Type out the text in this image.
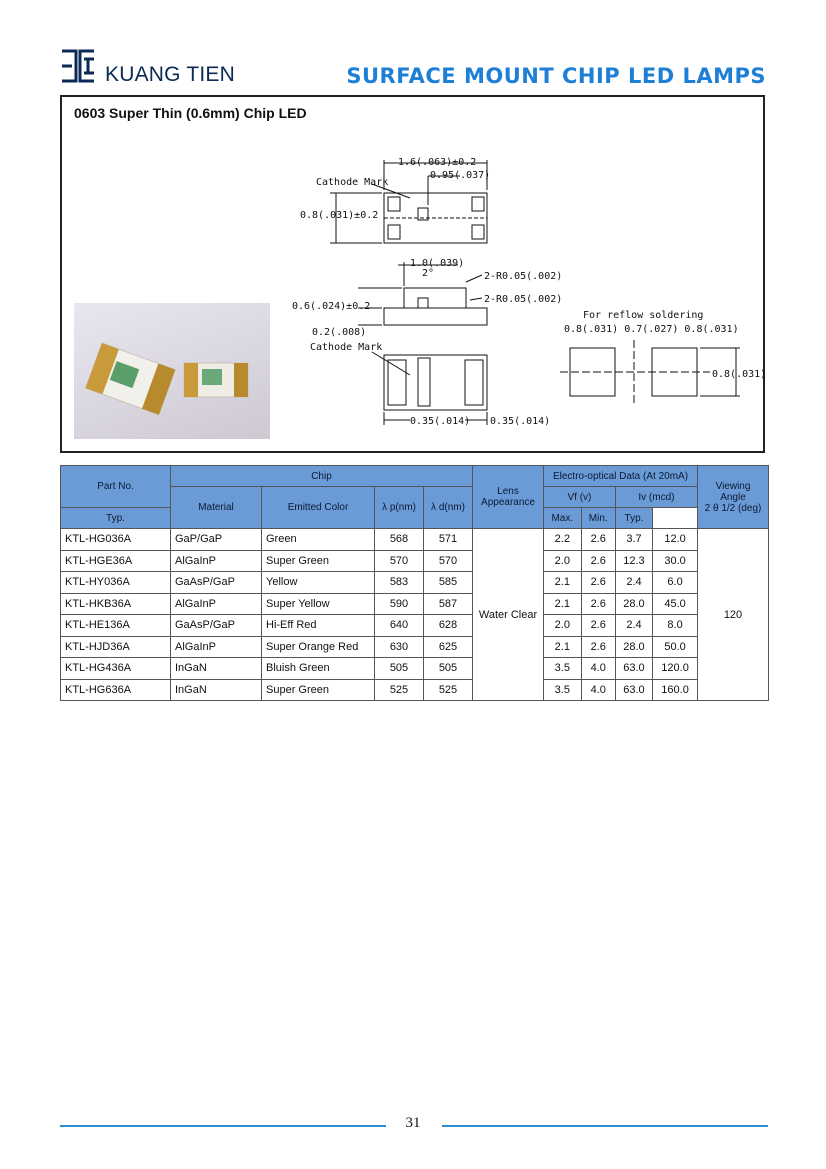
KUANG TIEN	SURFACE MOUNT CHIP LED LAMPS
0603 Super Thin (0.6mm) Chip LED
1.6(.063)±0.2
0.95(.037)
Cathode Mark
0.8(.031)±0.2
1.0(.039)
2°	2-R0.05(.002)
2-R0.05(.002)
0.6(.024)±0.2
0.2(.008)
Cathode Mark
0.35(.014) 0.35(.014)
For reflow soldering
0.8(.031) 0.7(.027) 0.8(.031)
0.8(.031)
Part No.	Chip				Lens
Appearance	Electro-optical Data (At 20mA)				Viewing Angle
2 θ 1/2 (deg)
	Material	Emitted Color	λ p(nm)	λ d(nm)		Vf (v)		Iv (mcd)		
Typ.						Max.	Min.	Typ.		
KTL-HG036A	GaP/GaP	Green	568	571	Water Clear	2.2	2.6	3.7	12.0	120
KTL-HGE36A	AlGaInP	Super Green	570	570		2.0	2.6	12.3	30.0	
KTL-HY036A	GaAsP/GaP	Yellow	583	585		2.1	2.6	2.4	6.0	
KTL-HKB36A	AlGaInP	Super Yellow	590	587		2.1	2.6	28.0	45.0	
KTL-HE136A	GaAsP/GaP	Hi-Eff Red	640	628		2.0	2.6	2.4	8.0	
KTL-HJD36A	AlGaInP	Super Orange Red	630	625		2.1	2.6	28.0	50.0	
KTL-HG436A	InGaN	Bluish Green	505	505		3.5	4.0	63.0	120.0	
KTL-HG636A	InGaN	Super Green	525	525		3.5	4.0	63.0	160.0	
31
